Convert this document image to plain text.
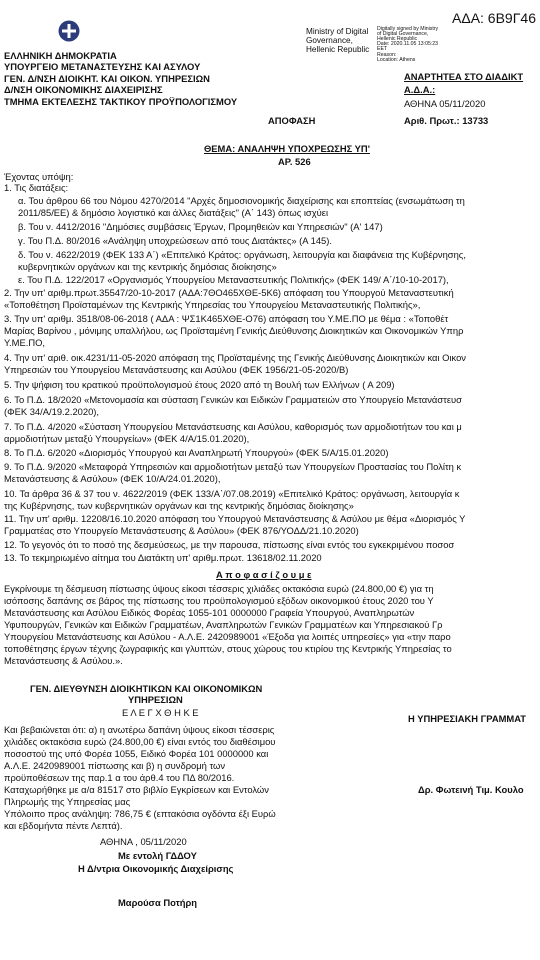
ΑΔΑ: 6Β9Γ46
Ministry of Digital
Governance,
Hellenic Republic
Digitally signed by Ministry
of Digital Governance,
Hellenic Republic
Date: 2020.11.05 13:05:23
EET
Reason:
Location: Athens
ΕΛΛΗΝΙΚΗ ΔΗΜΟΚΡΑΤΙΑ
ΥΠΟΥΡΓΕΙΟ ΜΕΤΑΝΑΣΤΕΥΣΗΣ ΚΑΙ ΑΣΥΛΟΥ
ΓΕΝ. Δ/ΝΣΗ ΔΙΟΙΚΗΤ. ΚΑΙ ΟΙΚΟΝ. ΥΠΗΡΕΣΙΩΝ
Δ/ΝΣΗ ΟΙΚΟΝΟΜΙΚΗΣ ΔΙΑΧΕΙΡΙΣΗΣ
ΤΜΗΜΑ ΕΚΤΕΛΕΣΗΣ ΤΑΚΤΙΚΟΥ ΠΡΟΫΠΟΛΟΓΙΣΜΟΥ
ΑΝΑΡΤΗΤΕΑ ΣΤΟ ΔΙΑΔΙΚΤ
Α.Δ.Α.:
ΑΘΗΝΑ 05/11/2020
Αριθ. Πρωτ.: 13733
ΑΠΟΦΑΣΗ
ΘΕΜΑ: ΑΝΑΛΗΨΗ ΥΠΟΧΡΕΩΣΗΣ ΥΠ'
ΑΡ. 526
Έχοντας υπόψη:
1. Τις διατάξεις:
α. Του άρθρου 66 του Νόμου 4270/2014 "Αρχές δημοσιονομικής διαχείρισης και εποπτείας (ενσωμάτωση τη
2011/85/ΕΕ) & δημόσιο λογιστικό και άλλες διατάξεις" (Α΄ 143) όπως ισχύει
β. Του ν. 4412/2016 "Δημόσιες συμβάσεις Έργων, Προμηθειών και Υπηρεσιών" (Α' 147)
γ. Του Π.Δ. 80/2016 «Ανάληψη υποχρεώσεων από τους Διατάκτες» (Α 145).
δ. Του ν. 4622/2019 (ΦΕΚ 133 Α΄) «Επιτελικό Κράτος: οργάνωση, λειτουργία και διαφάνεια της Κυβέρνησης,
κυβερνητικών οργάνων και της κεντρικής δημόσιας διοίκησης»
ε. Του Π.Δ. 122/2017 «Οργανισμός Υπουργείου Μεταναστευτικής Πολιτικής» (ΦΕΚ 149/ Α΄/10-10-2017),
2. Την υπ' αριθμ.πρωτ.35547/20-10-2017 (ΑΔΑ:7ΘΟ465ΧΘΕ-5Κ6) απόφαση του Υπουργού Μεταναστευτική
«Τοποθέτηση Προϊσταμένων της Κεντρικής Υπηρεσίας του Υπουργείου Μεταναστευτικής Πολιτικής»,
3. Την υπ' αριθμ. 3518/08-06-2018 ( ΑΔΑ : ΨΣ1Κ465ΧΘΕ-Ο76) απόφαση του Υ.ΜΕ.ΠΟ με θέμα : «Τοποθέτ
Μαρίας Βαρίνου , μόνιμης υπαλλήλου, ως Προϊσταμένη Γενικής Διεύθυνσης Διοικητικών και Οικονομικών Υπηρ
Υ.ΜΕ.ΠΟ,
4. Την υπ' αριθ. οικ.4231/11-05-2020 απόφαση της Προϊσταμένης της Γενικής Διεύθυνσης Διοικητικών και Οικον
Υπηρεσιών του Υπουργείου Μετανάστευσης και Ασύλου (ΦΕΚ 1956/21-05-2020/Β)
5. Την ψήφιση του κρατικού προϋπολογισμού έτους 2020 από τη Βουλή των Ελλήνων ( Α 209)
6. Το Π.Δ. 18/2020 «Μετονομασία και σύσταση Γενικών και Ειδικών Γραμματειών στο Υπουργείο Μετανάστευσ
(ΦΕΚ 34/Α/19.2.2020),
7. Το Π.Δ. 4/2020 «Σύσταση Υπουργείου Μετανάστευσης και Ασύλου, καθορισμός των αρμοδιοτήτων του και μ
αρμοδιοτήτων μεταξύ Υπουργείων» (ΦΕΚ 4/Α/15.01.2020),
8. Το Π.Δ. 6/2020 «Διορισμός Υπουργού και Αναπληρωτή Υπουργού» (ΦΕΚ 5/Α/15.01.2020)
9. Το Π.Δ. 9/2020 «Μεταφορά Υπηρεσιών και αρμοδιοτήτων μεταξύ των Υπουργείων Προστασίας του Πολίτη κ
Μετανάστευσης & Ασύλου» (ΦΕΚ 10/Α/24.01.2020),
10. Τα άρθρα 36 & 37 του ν. 4622/2019 (ΦΕΚ 133/Α΄/07.08.2019) «Επιτελικό Κράτος: οργάνωση, λειτουργία κ
της Κυβέρνησης, των κυβερνητικών οργάνων και της κεντρικής δημόσιας διοίκησης»
11. Την υπ' αριθμ. 12208/16.10.2020 απόφαση του Υπουργού Μετανάστευσης & Ασύλου με θέμα «Διορισμός Υ
Γραμματέας στο Υπουργείο Μετανάστευσης & Ασύλου» (ΦΕΚ 876/ΥΟΔΔ/21.10.2020)
12. Το γεγονός ότι το ποσό της δεσμεύσεως, με την παρουσα, πίστωσης είναι εντός του εγκεκριμένου ποσοσ
13. Το τεκμηριωμένο αίτημα του Διατάκτη υπ' αριθμ.πρωτ. 13618/02.11.2020
Α π ο φ α σ ί ζ ο υ μ ε
Εγκρίνουμε τη δέσμευση πίστωσης ύψους είκοσι τέσσερις χιλιάδες οκτακόσια ευρώ (24.800,00 €) για τη
ισόποσης δαπάνης σε βάρος της πίστωσης του προϋπολογισμού εξόδων οικονομικού έτους 2020 του Υ
Μετανάστευσης και Ασύλου Ειδικός Φορέας 1055-101 0000000 Γραφεία Υπουργού, Αναπληρωτών
Υφυπουργών, Γενικών και Ειδικών Γραμματέων, Αναπληρωτών Γενικών Γραμματέων και Υπηρεσιακού Γρ
Υπουργείου Μετανάστευσης και Ασύλου - Α.Λ.Ε. 2420989001 «Έξοδα για λοιπές υπηρεσίες» για «την παρο
τοποθέτησης έργων τέχνης ζωγραφικής και γλυπτών, στους χώρους του κτιρίου της Κεντρικής Υπηρεσίας το
Μετανάστευσης & Ασύλου.».
ΓΕΝ. ΔΙΕΥΘΥΝΣΗ ΔΙΟΙΚΗΤΙΚΩΝ ΚΑΙ ΟΙΚΟΝΟΜΙΚΩΝ
ΥΠΗΡΕΣΙΩΝ
Ε Λ Ε Γ Χ Θ Η Κ Ε
Και βεβαιώνεται ότι: α) η ανωτέρω δαπάνη ύψους είκοσι τέσσερις
χιλιάδες οκτακόσια ευρώ (24.800,00 €) είναι εντός του διαθέσιμου
ποσοστού της υπό Φορέα 1055, Ειδικό Φορέα 101 0000000 και
Α.Λ.Ε. 2420989001 πίστωσης και β) η συνδρομή των
προϋποθέσεων της παρ.1 α του άρθ.4 του ΠΔ 80/2016.
Καταχωρήθηκε με α/α 81517 στο βιβλίο Εγκρίσεων και Εντολών
Πληρωμής της Υπηρεσίας μας
Υπόλοιπο προς ανάληψη: 786,75 € (επτακόσια ογδόντα έξι Ευρώ
και εβδομήντα πέντε Λεπτά).
ΑΘΗΝΑ , 05/11/2020
Με εντολή ΓΔΔΟΥ
Η Δ/ντρια Οικονομικής Διαχείρισης
Μαρούσα Ποτήρη
Η ΥΠΗΡΕΣΙΑΚΗ ΓΡΑΜΜΑΤ
Δρ. Φωτεινή Τιμ. Κουλο
